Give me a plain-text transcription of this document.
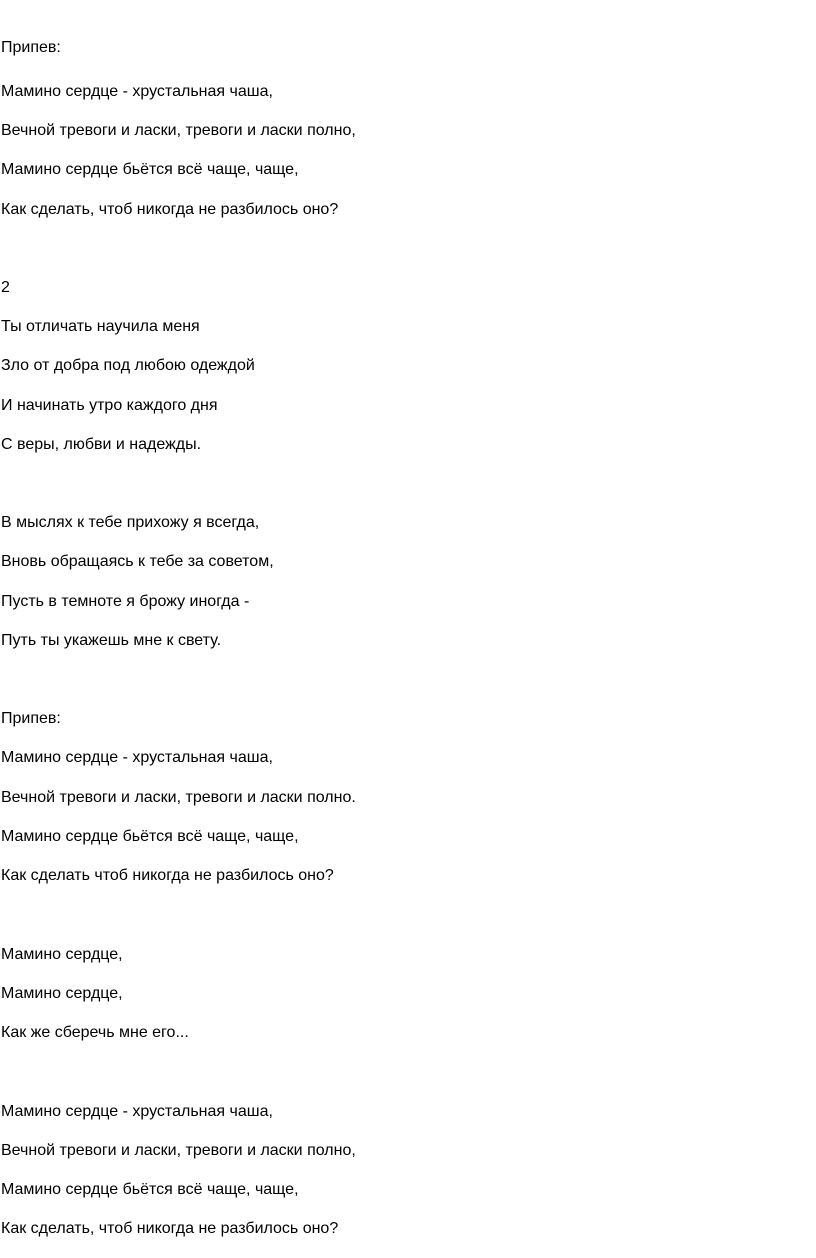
Припев:

Мамино сердце - хрустальная чаша,

Вечной тревоги и ласки, тревоги и ласки полно,

Мамино сердце бьётся всё чаще, чаще,

Как сделать, чтоб никогда не разбилось оно?

2

Ты отличать научила меня

Зло от добра под любою одеждой

И начинать утро каждого дня

С веры, любви и надежды.

В мыслях к тебе прихожу я всегда,

Вновь обращаясь к тебе за советом,

Пусть в темноте я брожу иногда -

Путь ты укажешь мне к свету.

Припев:

Мамино сердце - хрустальная чаша,

Вечной тревоги и ласки, тревоги и ласки полно.

Мамино сердце бьётся всё чаще, чаще,

Как сделать чтоб никогда не разбилось оно?

Мамино сердце,

Мамино сердце,

Как же сберечь мне его...

Мамино сердце - хрустальная чаша,

Вечной тревоги и ласки, тревоги и ласки полно,

Мамино сердце бьётся всё чаще, чаще,

Как сделать, чтоб никогда не разбилось оно?
